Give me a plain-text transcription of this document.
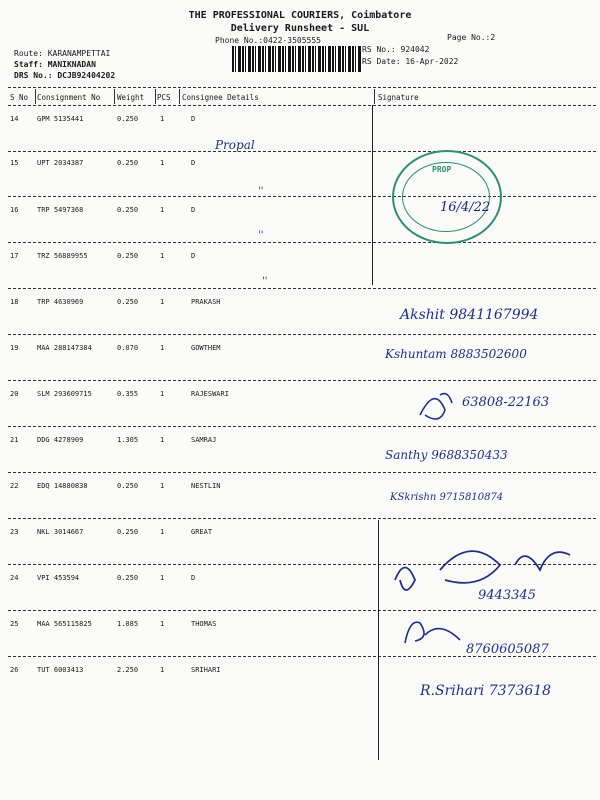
THE PROFESSIONAL COURIERS, Coimbatore
Delivery Runsheet - SUL
Phone No.:0422-3505555	Page No.:2
Route: KARANAMPETTAI
Staff: MANIKNADAN
DRS No.: DCJB92404202
RS No.: 924042
RS Date: 16-Apr-2022
S No Consignment No Weight PCS Consignee Details	Signature
14	GPM 5135441	0.250	1	D
15	UPT 2034387	0.250	1	D
16	TRP 5497368	0.250	1	D
17	TRZ 56889955	0.250	1	D
18	TRP 4630969	0.250	1	PRAKASH
19	MAA 288147384	0.070	1	GOWTHEM
20	SLM 293609715	0.355	1	RAJESWARI
21	DDG 4278909	1.305	1	SAMRAJ
22	EDQ 14880838	0.250	1	NESTLIN
23	NKL 3014667	0.250	1	GREAT
24	VPI 453594	0.250	1	D
25	MAA 565115825	1.085	1	THOMAS
26	TUT 6003413	2.250	1	SRIHARI
Propal
''
''
''
PROP
16/4/22
Akshit 9841167994
Kshuntam 8883502600
63808-22163
Santhy 9688350433
KSkrishn 9715810874
9443345
8760605087
R.Srihari 7373618
